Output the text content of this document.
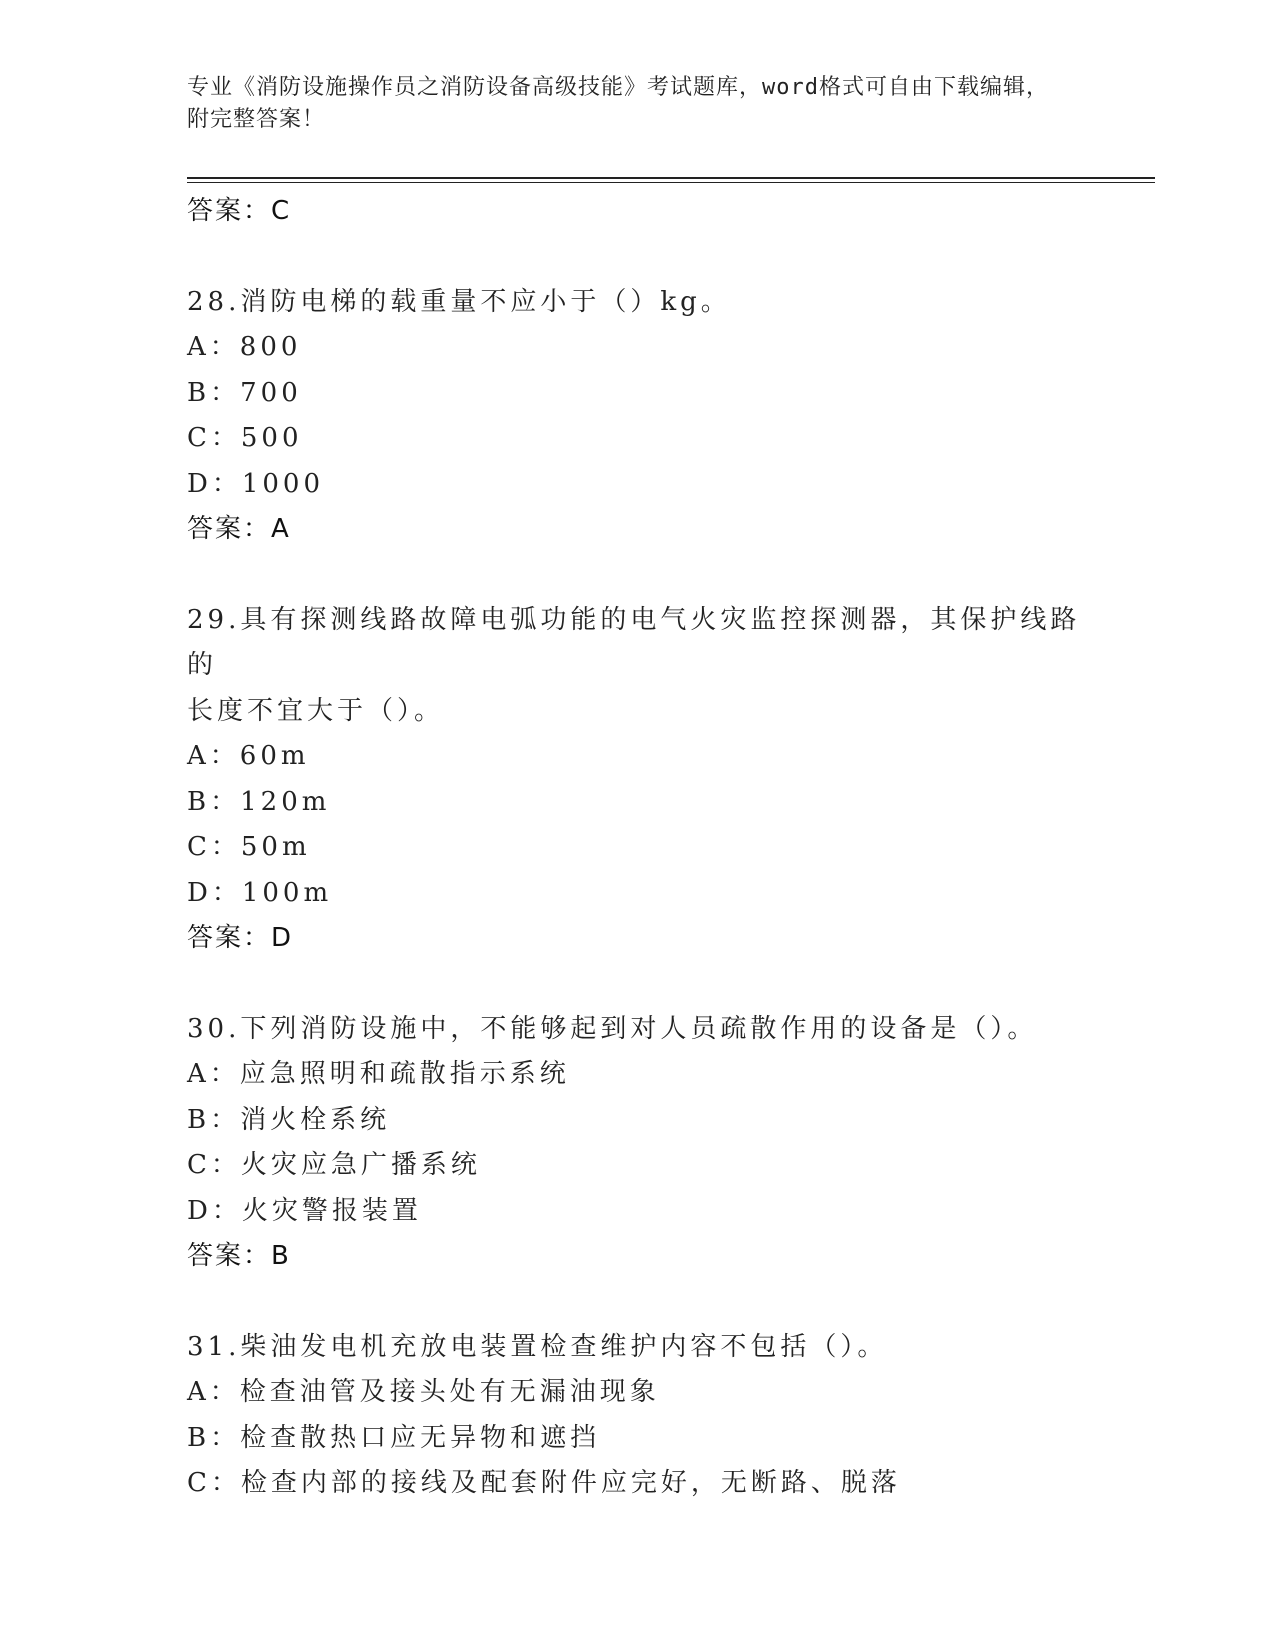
专业《消防设施操作员之消防设备高级技能》考试题库，word格式可自由下载编辑，附完整答案！
答案：C
28.消防电梯的载重量不应小于（）kg。
A：800
B：700
C：500
D：1000
答案：A
29.具有探测线路故障电弧功能的电气火灾监控探测器，其保护线路的
长度不宜大于（）。
A：60m
B：120m
C：50m
D：100m
答案：D
30.下列消防设施中，不能够起到对人员疏散作用的设备是（）。
A：应急照明和疏散指示系统
B：消火栓系统
C：火灾应急广播系统
D：火灾警报装置
答案：B
31.柴油发电机充放电装置检查维护内容不包括（）。
A：检查油管及接头处有无漏油现象
B：检查散热口应无异物和遮挡
C：检查内部的接线及配套附件应完好，无断路、脱落
